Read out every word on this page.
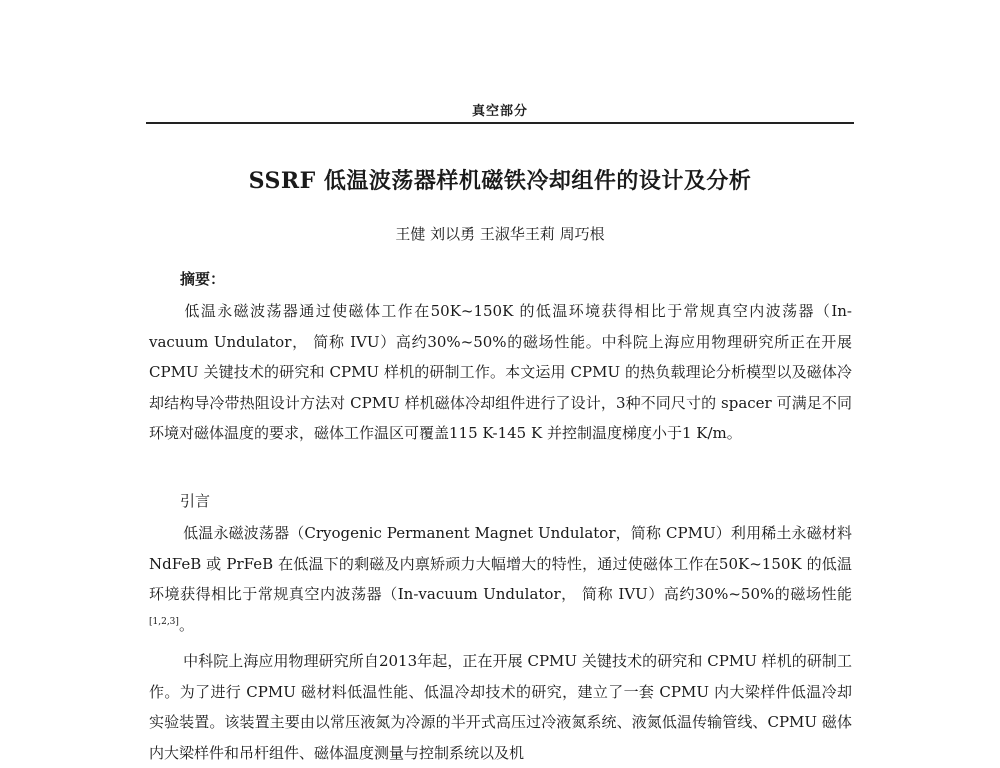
真空部分
SSRF 低温波荡器样机磁铁冷却组件的设计及分析
王健 刘以勇 王淑华王莉 周巧根
摘要：

低温永磁波荡器通过使磁体工作在50K~150K 的低温环境获得相比于常规真空内波荡器（In-vacuum Undulator， 简称 IVU）高约30%~50%的磁场性能。中科院上海应用物理研究所正在开展 CPMU 关键技术的研究和 CPMU 样机的研制工作。本文运用 CPMU 的热负载理论分析模型以及磁体冷却结构导冷带热阻设计方法对 CPMU 样机磁体冷却组件进行了设计，3种不同尺寸的 spacer 可满足不同环境对磁体温度的要求，磁体工作温区可覆盖115 K-145 K 并控制温度梯度小于1 K/m。

引言

低温永磁波荡器（Cryogenic Permanent Magnet Undulator，简称 CPMU）利用稀土永磁材料 NdFeB 或 PrFeB 在低温下的剩磁及内禀矫顽力大幅增大的特性，通过使磁体工作在50K~150K 的低温环境获得相比于常规真空内波荡器（In-vacuum Undulator， 简称 IVU）高约30%~50%的磁场性能[1,2,3]。

中科院上海应用物理研究所自2013年起，正在开展 CPMU 关键技术的研究和 CPMU 样机的研制工作。为了进行 CPMU 磁材料低温性能、低温冷却技术的研究，建立了一套 CPMU 内大梁样件低温冷却实验装置。该装置主要由以常压液氮为冷源的半开式高压过冷液氮系统、液氮低温传输管线、CPMU 磁体内大梁样件和吊杆组件、磁体温度测量与控制系统以及机
